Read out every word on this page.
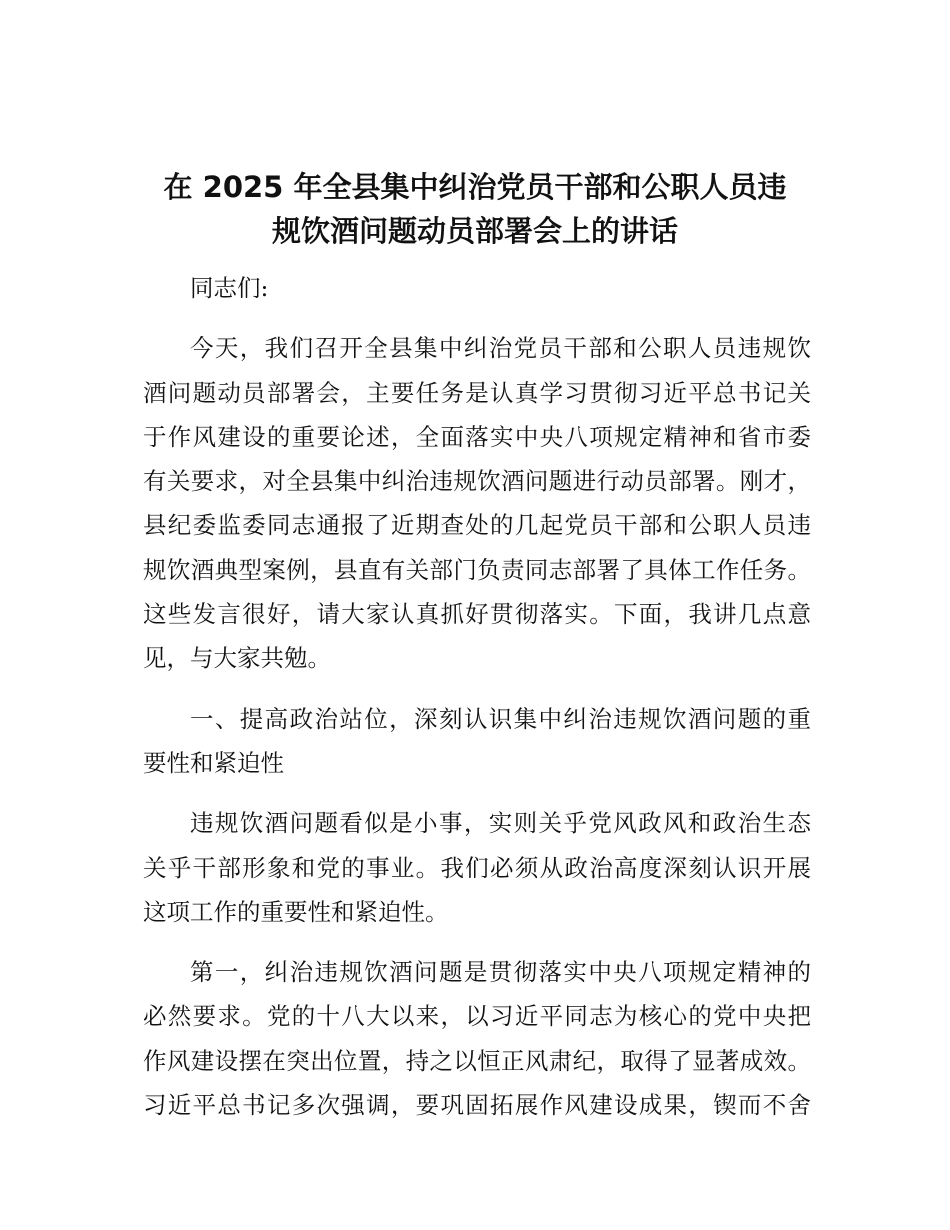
在 2025 年全县集中纠治党员干部和公职人员违
规饮酒问题动员部署会上的讲话

同志们:

今天，我们召开全县集中纠治党员干部和公职人员违规饮
酒问题动员部署会，主要任务是认真学习贯彻习近平总书记关
于作风建设的重要论述，全面落实中央八项规定精神和省市委
有关要求，对全县集中纠治违规饮酒问题进行动员部署。刚才，
县纪委监委同志通报了近期查处的几起党员干部和公职人员违
规饮酒典型案例，县直有关部门负责同志部署了具体工作任务。
这些发言很好，请大家认真抓好贯彻落实。下面，我讲几点意
见，与大家共勉。

一、提高政治站位，深刻认识集中纠治违规饮酒问题的重
要性和紧迫性

违规饮酒问题看似是小事，实则关乎党风政风和政治生态
关乎干部形象和党的事业。我们必须从政治高度深刻认识开展
这项工作的重要性和紧迫性。

第一，纠治违规饮酒问题是贯彻落实中央八项规定精神的
必然要求。党的十八大以来，以习近平同志为核心的党中央把
作风建设摆在突出位置，持之以恒正风肃纪，取得了显著成效。
习近平总书记多次强调，要巩固拓展作风建设成果，锲而不舍
